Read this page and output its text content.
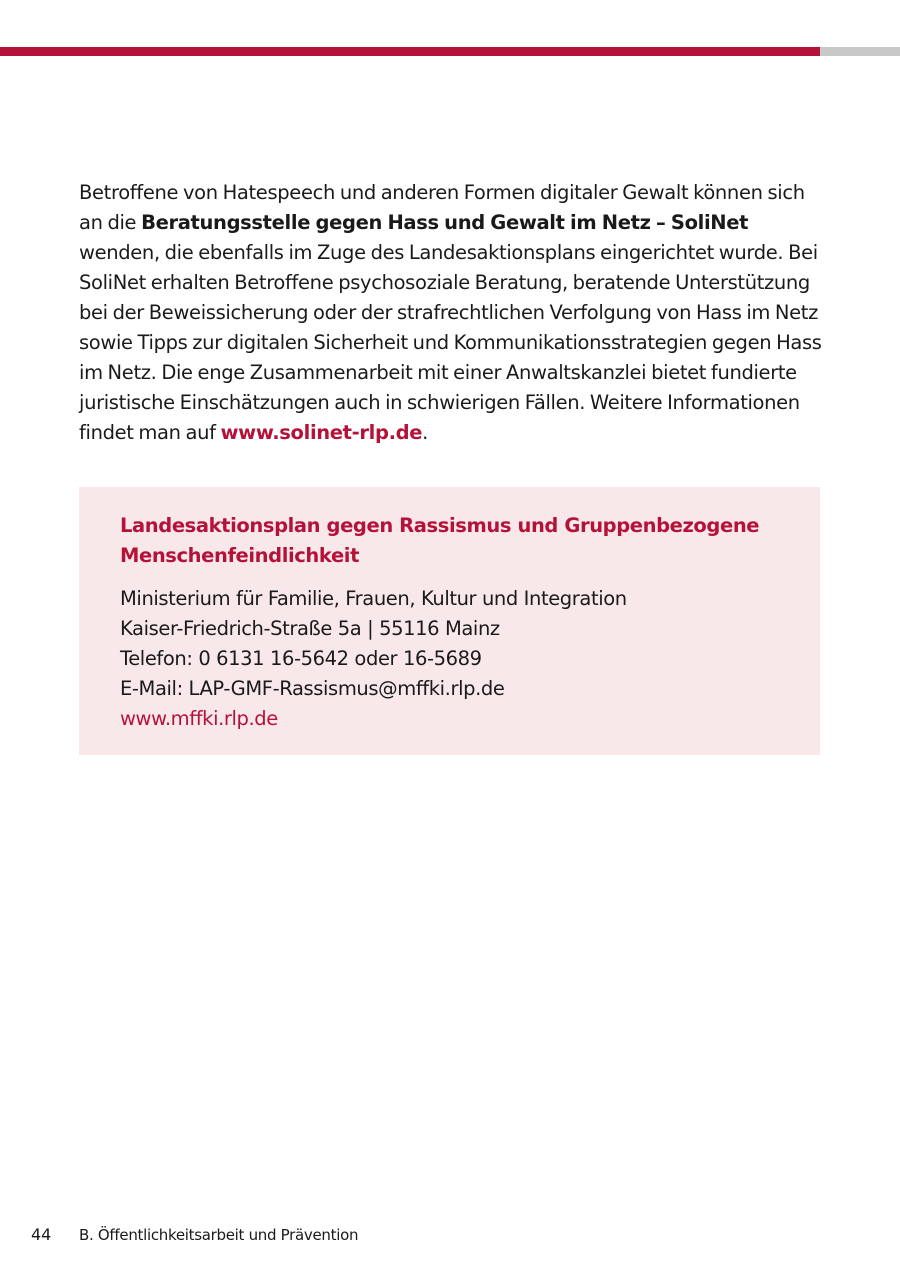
Betroffene von Hatespeech und anderen Formen digitaler Gewalt können sich an die Beratungsstelle gegen Hass und Gewalt im Netz – SoliNet wenden, die ebenfalls im Zuge des Landesaktionsplans eingerichtet wurde. Bei SoliNet erhalten Betroffene psychosoziale Beratung, beratende Unterstützung bei der Beweissicherung oder der strafrechtlichen Verfolgung von Hass im Netz sowie Tipps zur digitalen Sicherheit und Kommunikationsstrategien gegen Hass im Netz. Die enge Zusammenarbeit mit einer Anwaltskanzlei bietet fundierte juristische Einschätzungen auch in schwierigen Fällen. Weitere Informationen findet man auf www.solinet-rlp.de.

Landesaktionsplan gegen Rassismus und Gruppenbezogene Menschenfeindlichkeit

Ministerium für Familie, Frauen, Kultur und Integration
Kaiser-Friedrich-Straße 5a | 55116 Mainz
Telefon: 0 6131 16-5642 oder 16-5689
E-Mail: LAP-GMF-Rassismus@mffki.rlp.de
www.mffki.rlp.de
44 B. Öffentlichkeitsarbeit und Prävention
